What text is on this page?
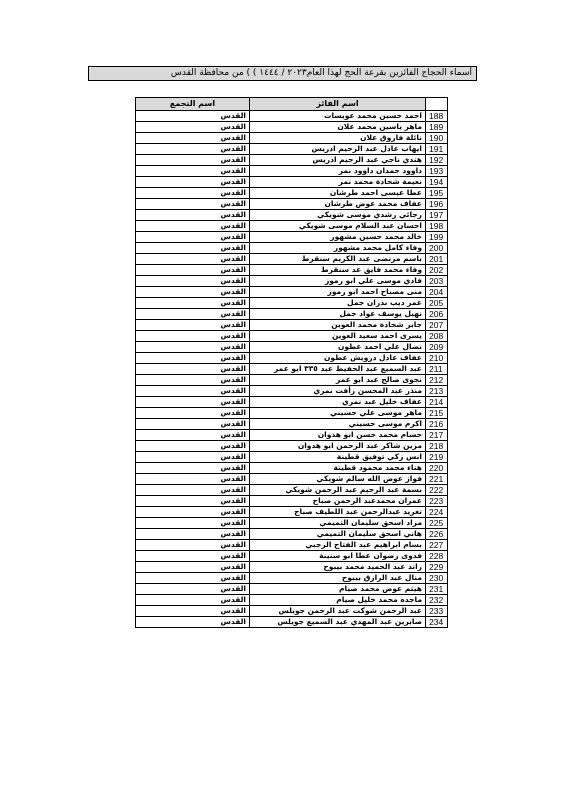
أسماء الحجاج الفائزين بقرعة الحج لهذا العام٢٠٢٣ / ١٤٤٤ ) ) من محافظة القدس
	اسم الفائز	اسم التجمع
188	احمد حسين محمد عويسات	القدس
189	ماهر ياسين محمد علان	القدس
190	نائلة فاروق علان	القدس
191	ايهاب عادل عبد الرحيم ادريس	القدس
192	هندي ناجي عبد الرحيم ادريس	القدس
193	داوود حمدان داوود نمر	القدس
194	نعيمة شحادة محمد نمر	القدس
195	عطا عيسى احمد طرشان	القدس
196	عفاف محمد عوض طرشان	القدس
197	رجائي رشدي موسى شويكي	القدس
198	احسان عبد السلام موسى شويكي	القدس
199	خالد محمد حسين مشهور	القدس
200	وفاء كامل محمد مشهور	القدس
201	باسم مرتضى عبد الكريم سنقرط	القدس
202	وفاء محمد فايق عد سنقرط	القدس
203	فادي موسى علي ابو رموز	القدس
204	منى مصباح احمد ابو رموز	القدس
205	عمر ديب بدران جمل	القدس
206	نهيل يوسف عواد جمل	القدس
207	جابر شحادة محمد العوين	القدس
208	يسرى احمد سعيد العوين	القدس
209	نضال علي احمد عطون	القدس
210	عفاف عادل درويش عطون	القدس
211	عبد السميع عبد الحفيظ عبد ٣٣٥ ابو عمر	القدس
212	نجوى صالح عبد ابو عمر	القدس
213	منذر عبد المحسن رأفت نمري	القدس
214	عفاف خليل عبد نمري	القدس
215	ماهر موسى علي حسيني	القدس
216	اكرم موسى حسيني	القدس
217	حسام محمد حسن ابو هدوان	القدس
218	مزين شاكر عبد الرحمن ابو هدوان	القدس
219	انس زكي توفيق قطينة	القدس
220	هناء محمد محمود قطينة	القدس
221	فواز عوض الله سالم شويكي	القدس
222	بسمة عبد الرحيم عبد الرحمن شويكي	القدس
223	عمران محمدعبد الرحمن صباح	القدس
224	تغريد عبدالرحمن عبد اللطيف صباح	القدس
225	مراد اسحق سليمان التميمي	القدس
226	هاني اسحق سليمان التميمي	القدس
227	بسام ابراهيم عبد الفتاح الرجبي	القدس
228	فدوى رضوان عطا ابو سنينة	القدس
229	راند عبد الحميد محمد بيبوح	القدس
230	منال عبد الرازق بيبوح	القدس
231	هيثم عوض محمد صيام	القدس
232	ماجده محمد خليل صيام	القدس
233	عبد الرحمن شوكت عبد الرحمن جويلس	القدس
234	صابرين عبد المهدي عبد السميع جويلس	القدس
